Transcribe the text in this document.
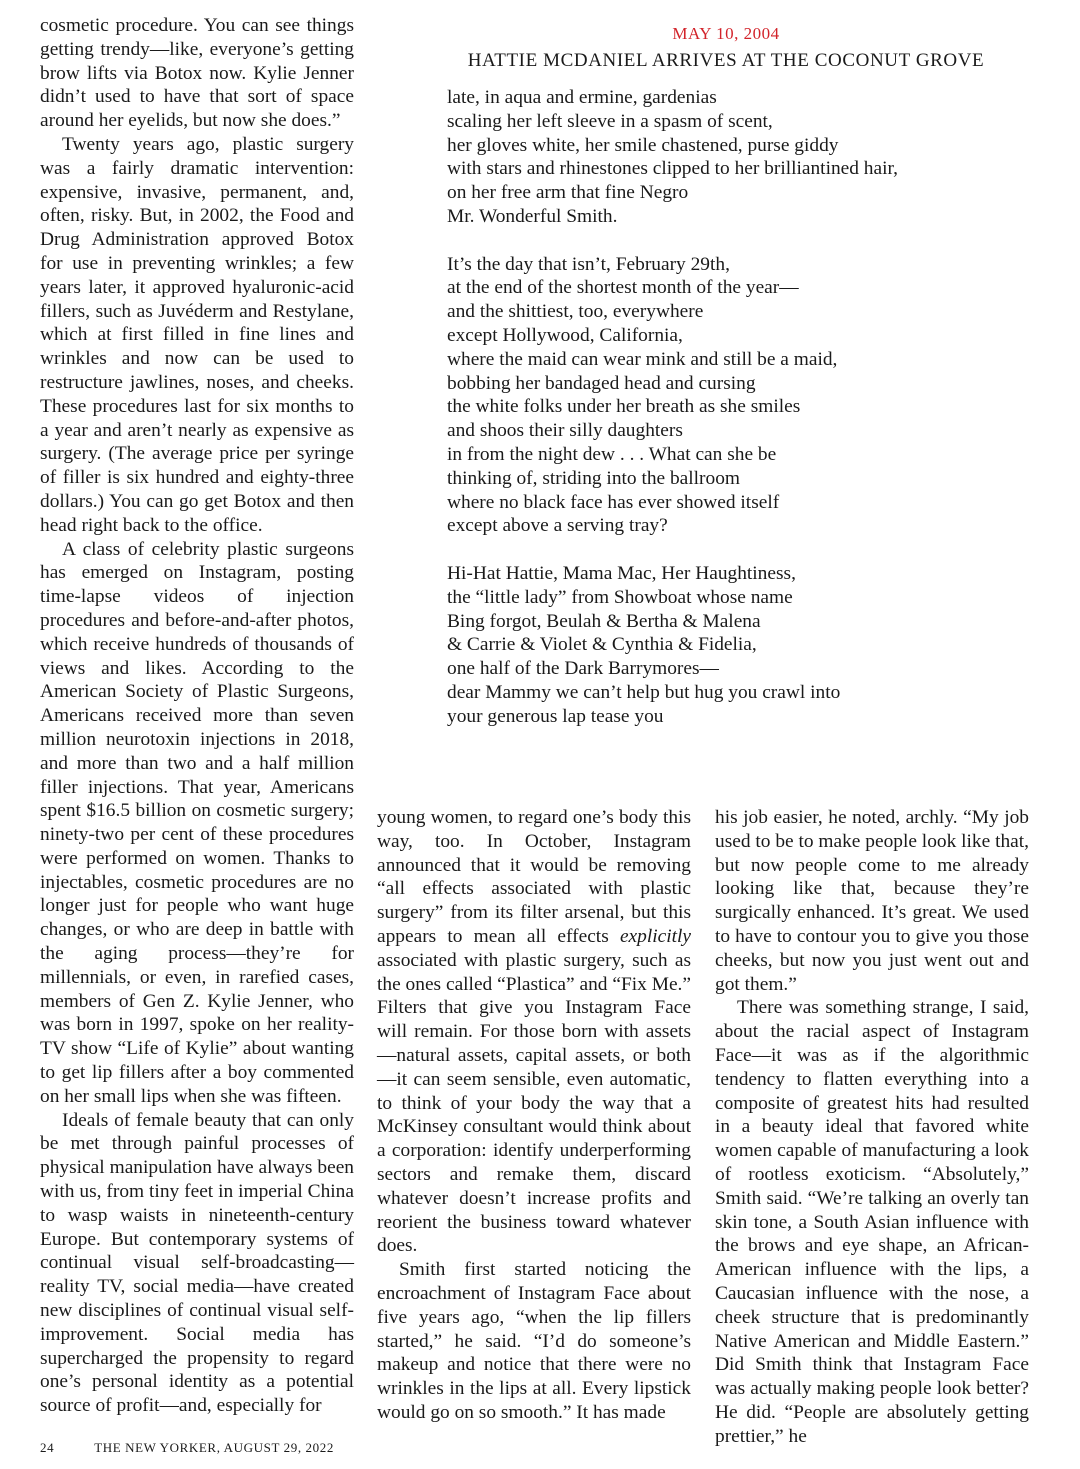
cosmetic procedure. You can see things getting trendy—like, everyone’s getting brow lifts via Botox now. Kylie Jenner didn’t used to have that sort of space around her eyelids, but now she does.”

Twenty years ago, plastic surgery was a fairly dramatic intervention: expensive, invasive, permanent, and, often, risky. But, in 2002, the Food and Drug Administration approved Botox for use in preventing wrinkles; a few years later, it approved hyaluronic-acid fillers, such as Juvéderm and Restylane, which at first filled in fine lines and wrinkles and now can be used to restructure jawlines, noses, and cheeks. These procedures last for six months to a year and aren’t nearly as expensive as surgery. (The average price per syringe of filler is six hundred and eighty-three dollars.) You can go get Botox and then head right back to the office.

A class of celebrity plastic surgeons has emerged on Instagram, posting time-lapse videos of injection procedures and before-and-after photos, which receive hundreds of thousands of views and likes. According to the American Society of Plastic Surgeons, Americans received more than seven million neurotoxin injections in 2018, and more than two and a half million filler injections. That year, Americans spent $16.5 billion on cosmetic surgery; ninety-two per cent of these procedures were performed on women. Thanks to injectables, cosmetic procedures are no longer just for people who want huge changes, or who are deep in battle with the aging process—they’re for millennials, or even, in rarefied cases, members of Gen Z. Kylie Jenner, who was born in 1997, spoke on her reality-TV show “Life of Kylie” about wanting to get lip fillers after a boy commented on her small lips when she was fifteen.

Ideals of female beauty that can only be met through painful processes of physical manipulation have always been with us, from tiny feet in imperial China to wasp waists in nineteenth-century Europe. But contemporary systems of continual visual self-broadcasting—reality TV, social media—have created new disciplines of continual visual self-improvement. Social media has supercharged the propensity to regard one’s personal identity as a potential source of profit—and, especially for

MAY 10, 2004
HATTIE MCDANIEL ARRIVES AT THE COCONUT GROVE
late, in aqua and ermine, gardenias
scaling her left sleeve in a spasm of scent,
her gloves white, her smile chastened, purse giddy
with stars and rhinestones clipped to her brilliantined hair,
on her free arm that fine Negro
Mr. Wonderful Smith.
It’s the day that isn’t, February 29th,
at the end of the shortest month of the year—
and the shittiest, too, everywhere
except Hollywood, California,
where the maid can wear mink and still be a maid,
bobbing her bandaged head and cursing
the white folks under her breath as she smiles
and shoos their silly daughters
in from the night dew . . . What can she be
thinking of, striding into the ballroom
where no black face has ever showed itself
except above a serving tray?
Hi-Hat Hattie, Mama Mac, Her Haughtiness,
the “little lady” from Showboat whose name
Bing forgot, Beulah & Bertha & Malena
& Carrie & Violet & Cynthia & Fidelia,
one half of the Dark Barrymores—
dear Mammy we can’t help but hug you crawl into
your generous lap tease you

young women, to regard one’s body this way, too. In October, Instagram announced that it would be removing “all effects associated with plastic surgery” from its filter arsenal, but this appears to mean all effects explicitly associated with plastic surgery, such as the ones called “Plastica” and “Fix Me.” Filters that give you Instagram Face will remain. For those born with assets—natural assets, capital assets, or both—it can seem sensible, even automatic, to think of your body the way that a McKinsey consultant would think about a corporation: identify underperforming sectors and remake them, discard whatever doesn’t increase profits and reorient the business toward whatever does.

Smith first started noticing the encroachment of Instagram Face about five years ago, “when the lip fillers started,” he said. “I’d do someone’s makeup and notice that there were no wrinkles in the lips at all. Every lipstick would go on so smooth.” It has made

his job easier, he noted, archly. “My job used to be to make people look like that, but now people come to me already looking like that, because they’re surgically enhanced. It’s great. We used to have to contour you to give you those cheeks, but now you just went out and got them.”

There was something strange, I said, about the racial aspect of Instagram Face—it was as if the algorithmic tendency to flatten everything into a composite of greatest hits had resulted in a beauty ideal that favored white women capable of manufacturing a look of rootless exoticism. “Absolutely,” Smith said. “We’re talking an overly tan skin tone, a South Asian influence with the brows and eye shape, an African-American influence with the lips, a Caucasian influence with the nose, a cheek structure that is predominantly Native American and Middle Eastern.” Did Smith think that Instagram Face was actually making people look better? He did. “People are absolutely getting prettier,” he

24	THE NEW YORKER, AUGUST 29, 2022
